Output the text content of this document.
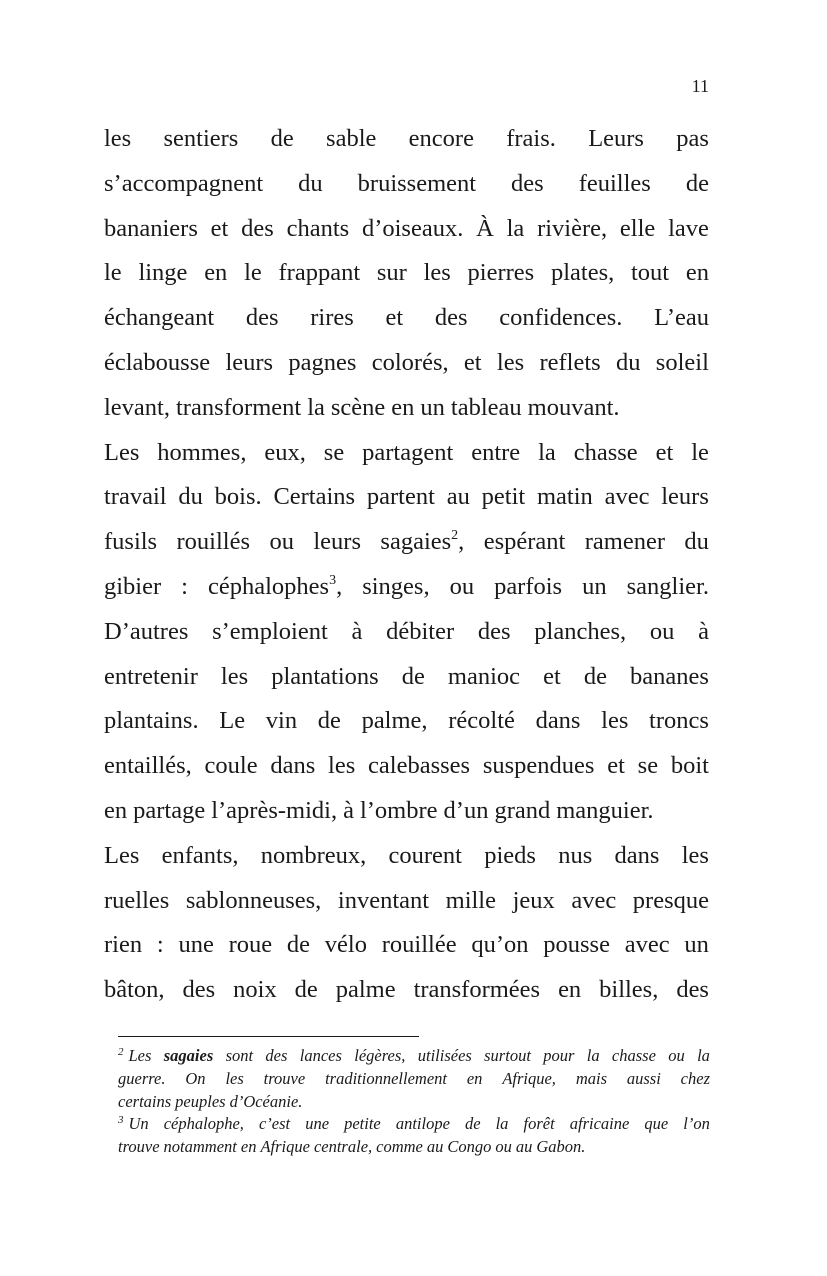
11
les sentiers de sable encore frais. Leurs pas
s’accompagnent du bruissement des feuilles de
bananiers et des chants d’oiseaux. À la rivière, elle lave
le linge en le frappant sur les pierres plates, tout en
échangeant des rires et des confidences. L’eau
éclabousse leurs pagnes colorés, et les reflets du soleil
levant, transforment la scène en un tableau mouvant.
Les hommes, eux, se partagent entre la chasse et le
travail du bois. Certains partent au petit matin avec leurs
fusils rouillés ou leurs sagaies$^2$, espérant ramener du
gibier : céphalophes$^3$, singes, ou parfois un sanglier.
D’autres s’emploient à débiter des planches, ou à
entretenir les plantations de manioc et de bananes
plantains. Le vin de palme, récolté dans les troncs
entaillés, coule dans les calebasses suspendues et se boit
en partage l’après-midi, à l’ombre d’un grand manguier.
Les enfants, nombreux, courent pieds nus dans les
ruelles sablonneuses, inventant mille jeux avec presque
rien : une roue de vélo rouillée qu’on pousse avec un
bâton, des noix de palme transformées en billes, des
$^2$ Les sagaies sont des lances légères, utilisées surtout pour la chasse ou la
guerre. On les trouve traditionnellement en Afrique, mais aussi chez
certains peuples d’Océanie.
$^3$ Un céphalophe, c’est une petite antilope de la forêt africaine que l’on
trouve notamment en Afrique centrale, comme au Congo ou au Gabon.
